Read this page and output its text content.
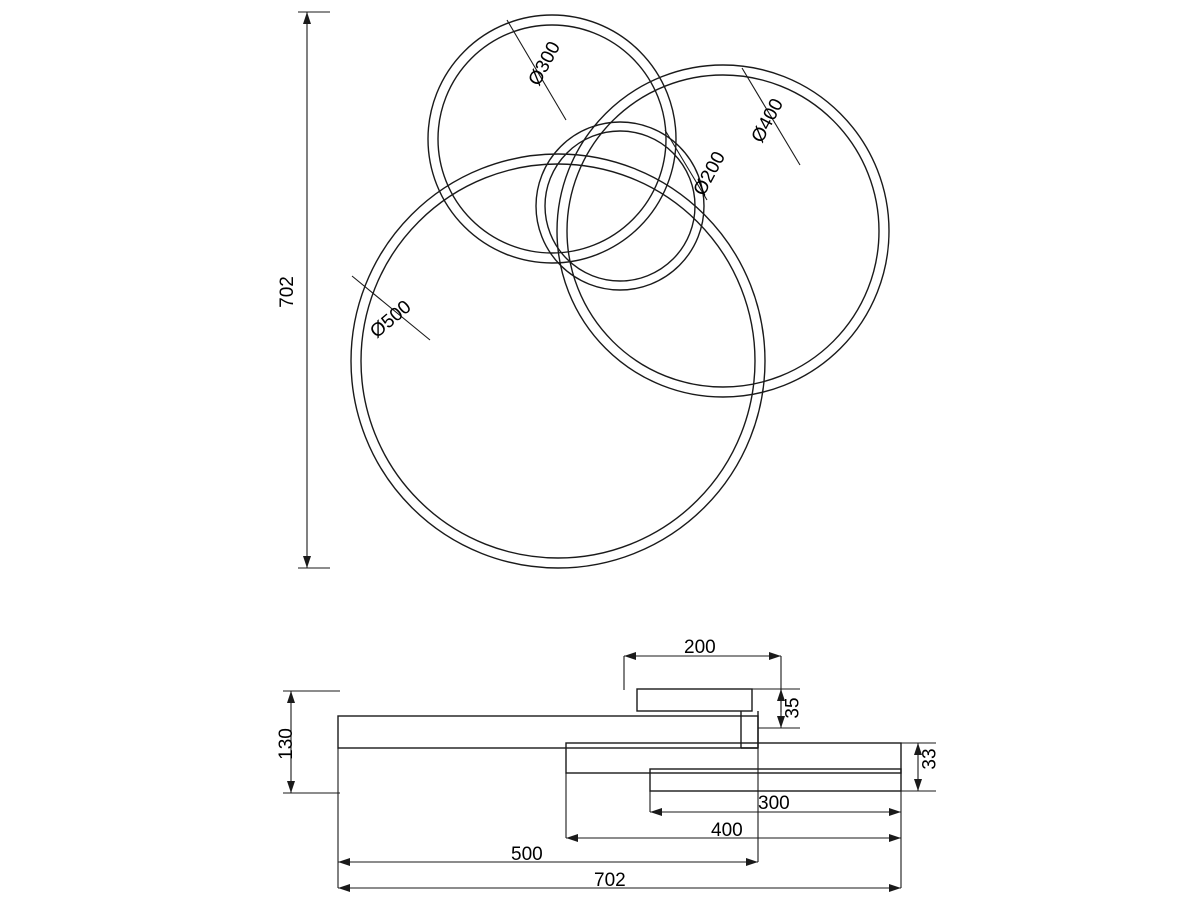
Ø300
Ø400
Ø200
Ø500
702
200
35
130	33
300
400
500
702
